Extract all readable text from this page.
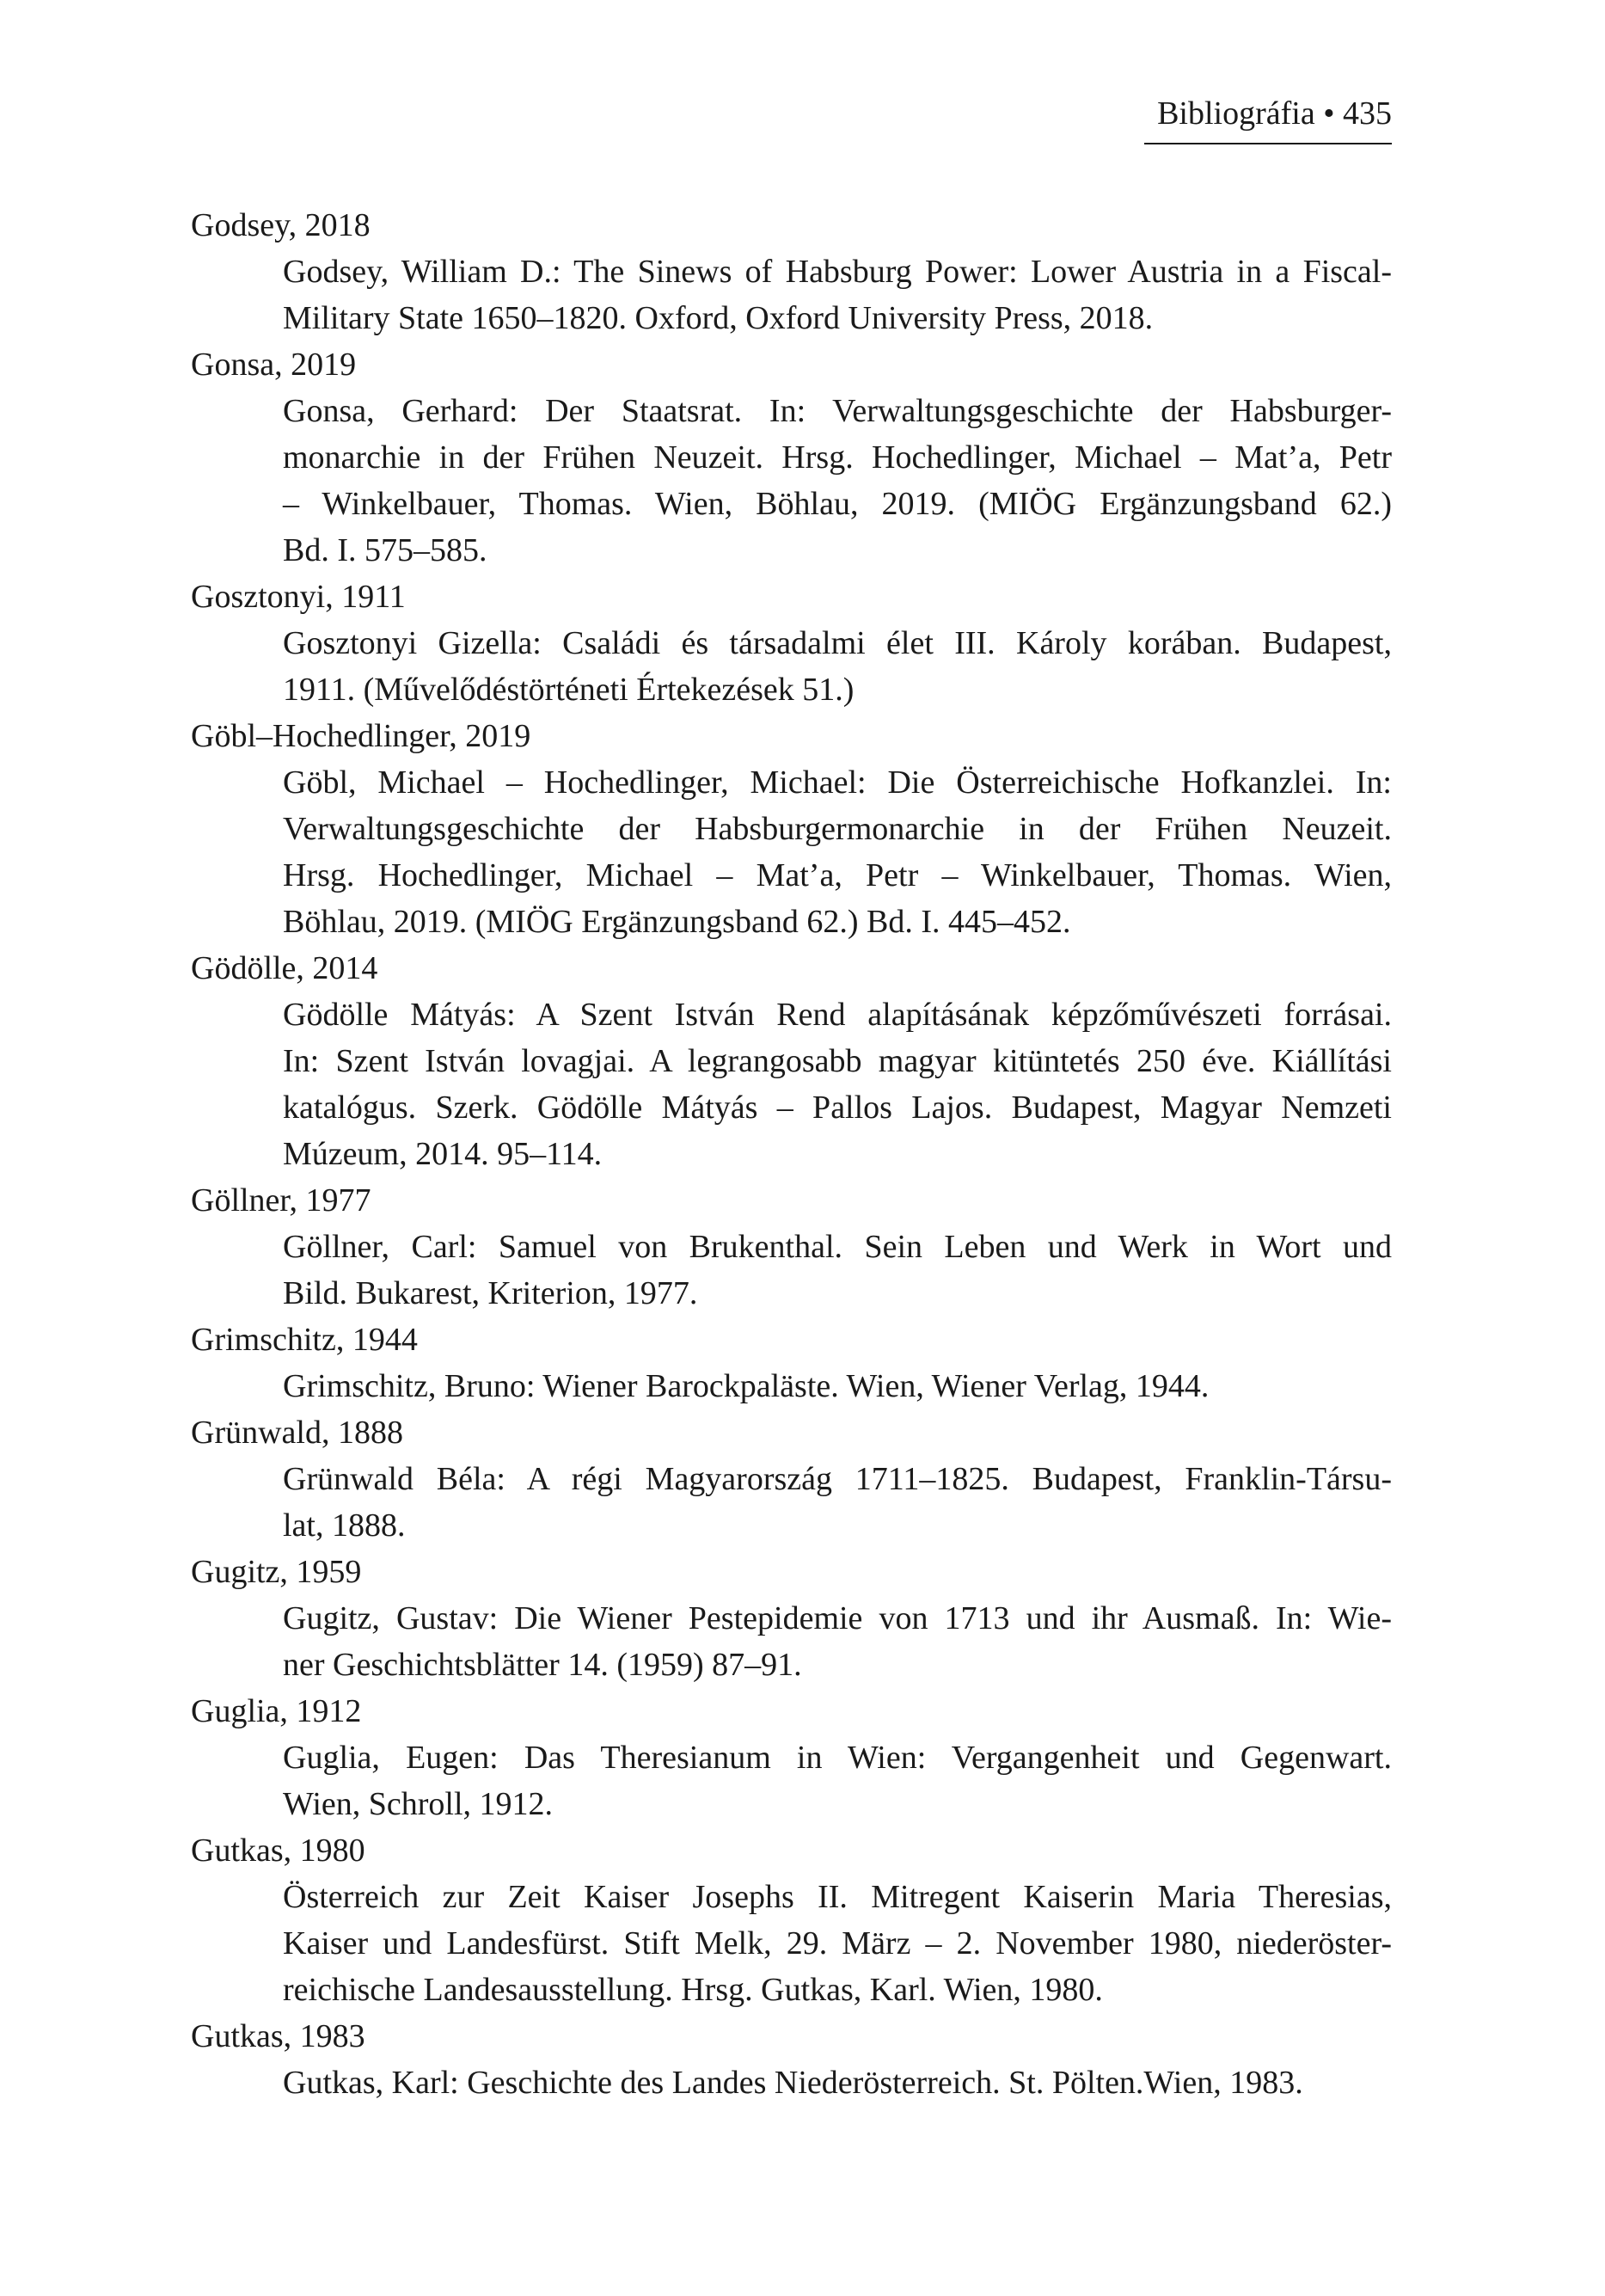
Bibliográfia • 435
Godsey, 2018
Godsey, William D.: The Sinews of Habsburg Power: Lower Austria in a Fiscal-
Military State 1650–1820. Oxford, Oxford University Press, 2018.
Gonsa, 2019
Gonsa, Gerhard: Der Staatsrat. In: Verwaltungsgeschichte der Habsburger-
monarchie in der Frühen Neuzeit. Hrsg. Hochedlinger, Michael – Mat’a, Petr
– Winkelbauer, Thomas. Wien, Böhlau, 2019. (MIÖG Ergänzungsband 62.)
Bd. I. 575–585.
Gosztonyi, 1911
Gosztonyi Gizella: Családi és társadalmi élet III. Károly korában. Budapest,
1911. (Művelődéstörténeti Értekezések 51.)
Göbl–Hochedlinger, 2019
Göbl, Michael – Hochedlinger, Michael: Die Österreichische Hofkanzlei. In:
Verwaltungsgeschichte der Habsburgermonarchie in der Frühen Neuzeit.
Hrsg. Hochedlinger, Michael – Mat’a, Petr – Winkelbauer, Thomas. Wien,
Böhlau, 2019. (MIÖG Ergänzungsband 62.) Bd. I. 445–452.
Gödölle, 2014
Gödölle Mátyás: A Szent István Rend alapításának képzőművészeti forrásai.
In: Szent István lovagjai. A legrangosabb magyar kitüntetés 250 éve. Kiállítási
katalógus. Szerk. Gödölle Mátyás – Pallos Lajos. Budapest, Magyar Nemzeti
Múzeum, 2014. 95–114.
Göllner, 1977
Göllner, Carl: Samuel von Brukenthal. Sein Leben und Werk in Wort und
Bild. Bukarest, Kriterion, 1977.
Grimschitz, 1944
Grimschitz, Bruno: Wiener Barockpaläste. Wien, Wiener Verlag, 1944.
Grünwald, 1888
Grünwald Béla: A régi Magyarország 1711–1825. Budapest, Franklin-Társu-
lat, 1888.
Gugitz, 1959
Gugitz, Gustav: Die Wiener Pestepidemie von 1713 und ihr Ausmaß. In: Wie-
ner Geschichtsblätter 14. (1959) 87–91.
Guglia, 1912
Guglia, Eugen: Das Theresianum in Wien: Vergangenheit und Gegenwart.
Wien, Schroll, 1912.
Gutkas, 1980
Österreich zur Zeit Kaiser Josephs II. Mitregent Kaiserin Maria Theresias,
Kaiser und Landesfürst. Stift Melk, 29. März – 2. November 1980, niederöster-
reichische Landesausstellung. Hrsg. Gutkas, Karl. Wien, 1980.
Gutkas, 1983
Gutkas, Karl: Geschichte des Landes Niederösterreich. St. Pölten.Wien, 1983.
